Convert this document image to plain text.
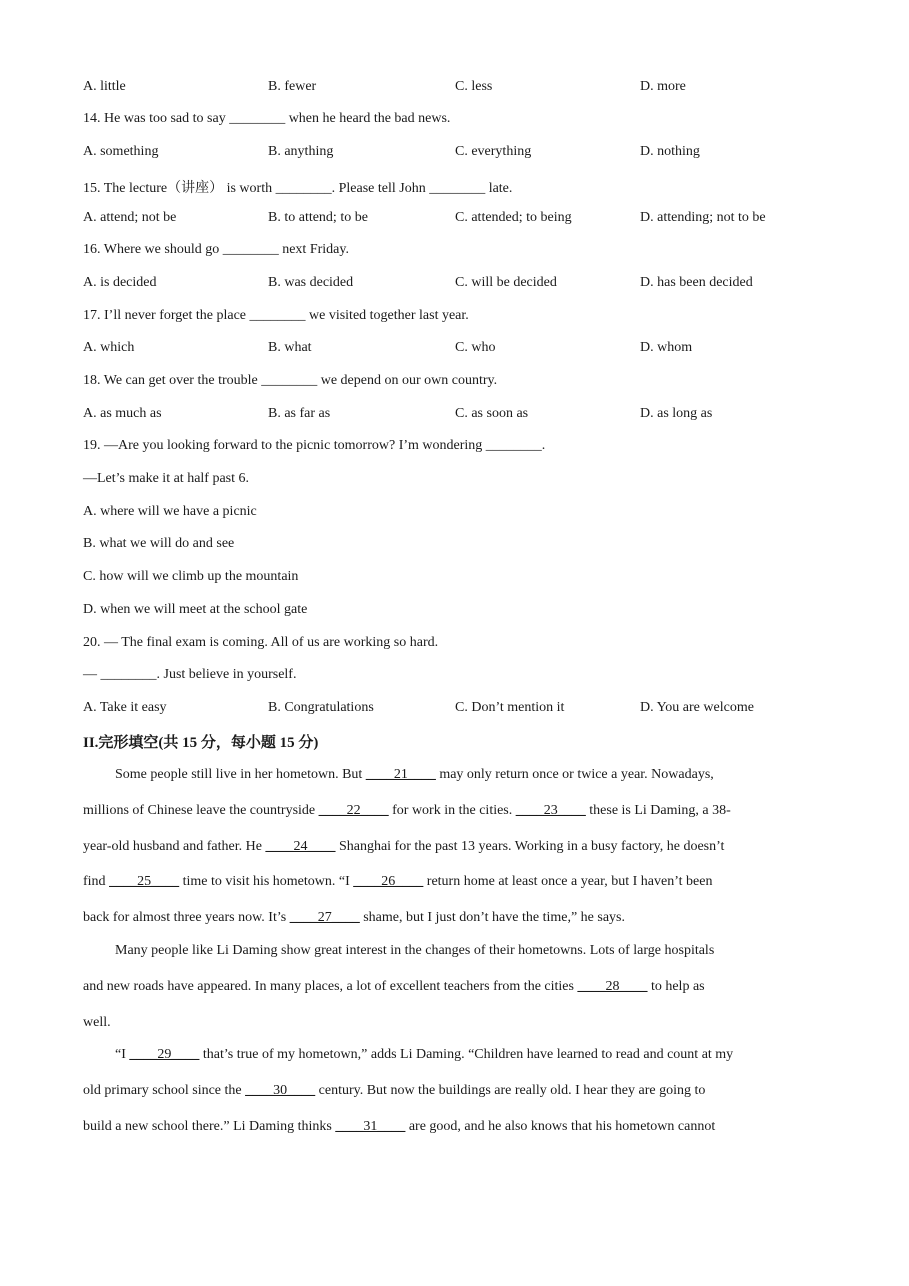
A. little	B. fewer	C. less	D. more
14. He was too sad to say ________ when he heard the bad news.
A. something	B. anything	C. everything	D. nothing
15. The lecture（讲座） is worth ________. Please tell John ________ late.
A. attend; not be	B. to attend; to be	C. attended; to being	D. attending; not to be
16. Where we should go ________ next Friday.
A. is decided	B. was decided	C. will be decided	D. has been decided
17. I’ll never forget the place ________ we visited together last year.
A. which	B. what	C. who	D. whom
18. We can get over the trouble ________ we depend on our own country.
A. as much as	B. as far as	C. as soon as	D. as long as
19. —Are you looking forward to the picnic tomorrow? I’m wondering ________.
—Let’s make it at half past 6.
A. where will we have a picnic
B. what we will do and see
C. how will we climb up the mountain
D. when we will meet at the school gate
20. — The final exam is coming. All of us are working so hard.
— ________. Just believe in yourself.
A. Take it easy	B. Congratulations	C. Don’t mention it	D. You are welcome
II.完形填空(共 15 分，每小题 15 分)
Some people still live in her hometown. But ____21____ may only return once or twice a year. Nowadays,
millions of Chinese leave the countryside ____22____ for work in the cities. ____23____ these is Li Daming, a 38-
year-old husband and father. He ____24____ Shanghai for the past 13 years. Working in a busy factory, he doesn’t
find ____25____ time to visit his hometown. “I ____26____ return home at least once a year, but I haven’t been
back for almost three years now. It’s ____27____ shame, but I just don’t have the time,” he says.
Many people like Li Daming show great interest in the changes of their hometowns. Lots of large hospitals
and new roads have appeared. In many places, a lot of excellent teachers from the cities ____28____ to help as
well.
“I ____29____ that’s true of my hometown,” adds Li Daming. “Children have learned to read and count at my
old primary school since the ____30____ century. But now the buildings are really old. I hear they are going to
build a new school there.” Li Daming thinks ____31____ are good, and he also knows that his hometown cannot
